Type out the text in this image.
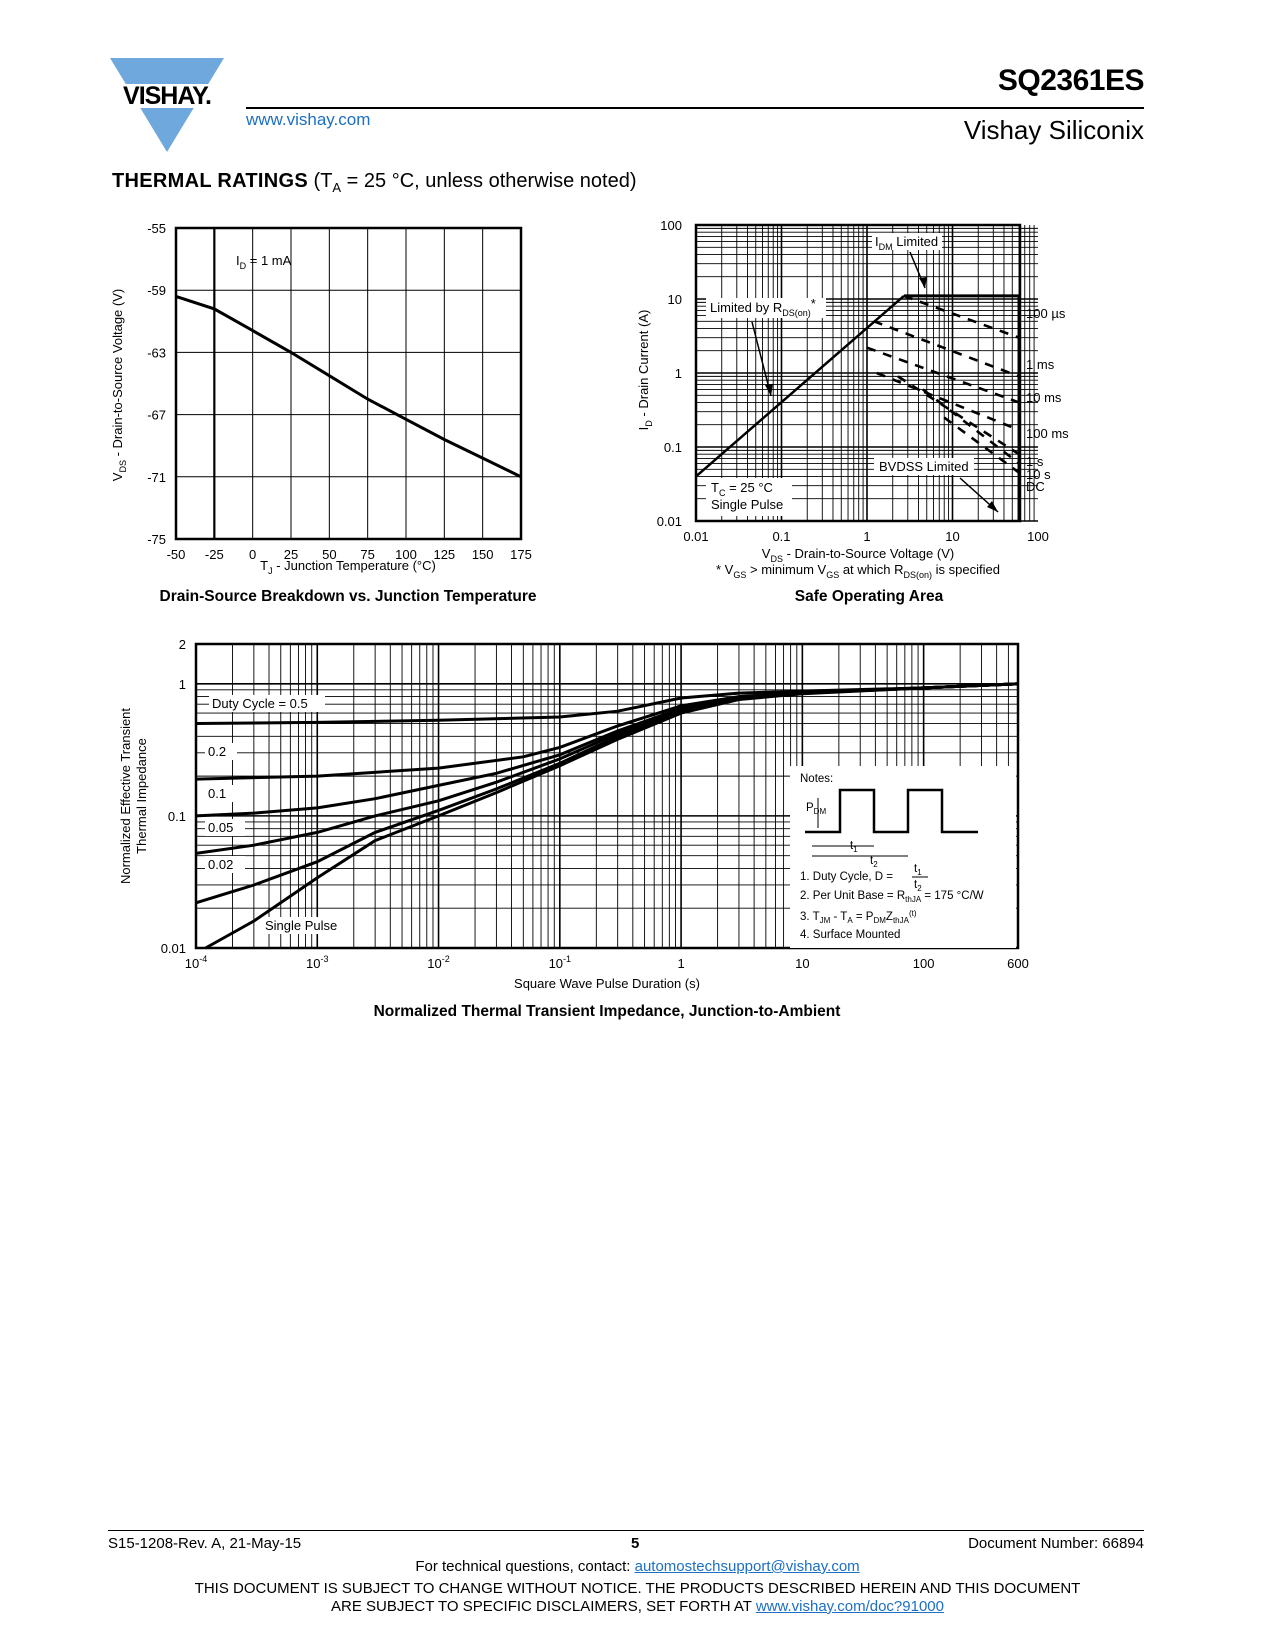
VISHAY.
www.vishay.com
SQ2361ES
Vishay Siliconix
THERMAL RATINGS ($T_A = 25$ °C, unless otherwise noted)
-55
-59
-63
-67
-71
-75
-50 -25 0 25 50 75 100 125 150 175
$I_D = 1$ mA
$T_J$ - Junction Temperature (°C)
$V_{DS}$ - Drain-to-Source Voltage (V)
Drain-Source Breakdown vs. Junction Temperature
0.01	0.1	1	10	100
100
10
1
0.1
0.01
$I_{DM}$ Limited
Limited by $R_{DS(on)}*$
BVDSS Limited
$T_C = 25$ °C
Single Pulse
100 µs
1 ms
10 ms
100 ms
1 s
10 s
DC
$V_{DS}$ - Drain-to-Source Voltage (V)
* $V_{GS}$ > minimum $V_{GS}$ at which $R_{DS(on)}$ is specified
$I_D$ - Drain Current (A)
Safe Operating Area
$10^{-4}$	$10^{-3}$	$10^{-2}$	$10^{-1}$	1	10	100	600
2
1
0.1
0.01
Duty Cycle = 0.5
0.2
0.1
0.05
0.02
Single Pulse
Notes:
$P_{DM}$
$t_1$
$t_2$
1. Duty Cycle, D =
$t_1$
$t_2$
2. Per Unit Base = $R_{thJA} = 175$ °C/W
3. $T_{JM} - T_A = P_{DM}Z_{thJA}^{(t)}$
4. Surface Mounted
Square Wave Pulse Duration (s)
Normalized Effective Transient Thermal Impedance
Normalized Thermal Transient Impedance, Junction-to-Ambient
S15-1208-Rev. A, 21-May-15	5	Document Number: 66894
For technical questions, contact: automostechsupport@vishay.com
THIS DOCUMENT IS SUBJECT TO CHANGE WITHOUT NOTICE. THE PRODUCTS DESCRIBED HEREIN AND THIS DOCUMENT
ARE SUBJECT TO SPECIFIC DISCLAIMERS, SET FORTH AT www.vishay.com/doc?91000
